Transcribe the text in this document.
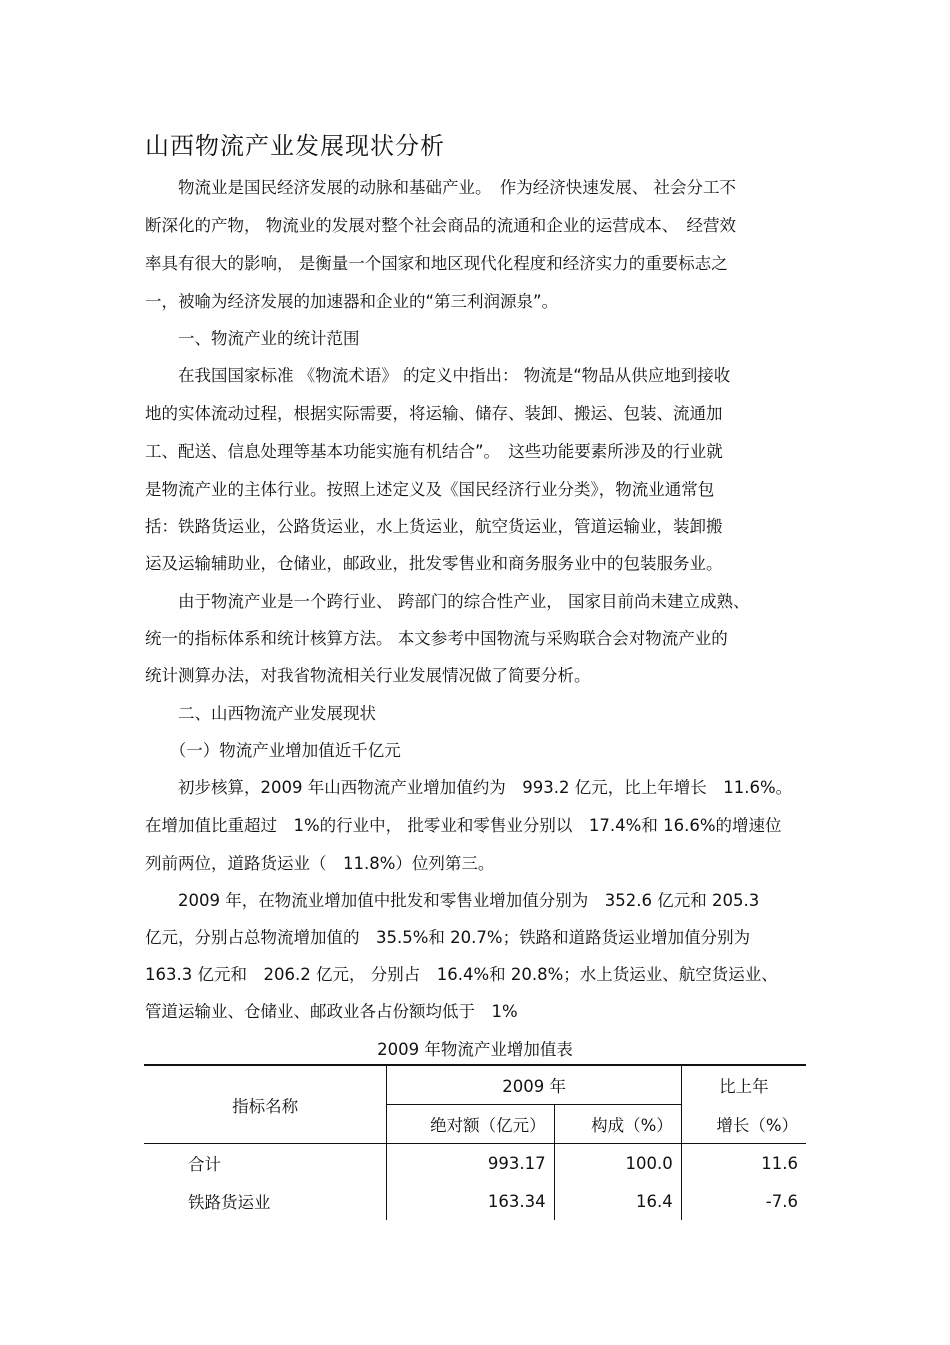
山西物流产业发展现状分析
　　物流业是国民经济发展的动脉和基础产业。　作为经济快速发展、 社会分工不
断深化的产物， 物流业的发展对整个社会商品的流通和企业的运营成本、　经营效
率具有很大的影响， 是衡量一个国家和地区现代化程度和经济实力的重要标志之
一，被喻为经济发展的加速器和企业的“第三利润源泉”。
　　一、物流产业的统计范围
　　在我国国家标准 《物流术语》 的定义中指出： 物流是“物品从供应地到接收
地的实体流动过程，根据实际需要，将运输、储存、装卸、搬运、包装、流通加
工、配送、信息处理等基本功能实施有机结合”。　这些功能要素所涉及的行业就
是物流产业的主体行业。按照上述定义及《国民经济行业分类》，物流业通常包
括：铁路货运业，公路货运业，水上货运业，航空货运业，管道运输业，装卸搬
运及运输辅助业，仓储业，邮政业，批发零售业和商务服务业中的包装服务业。
　　由于物流产业是一个跨行业、 跨部门的综合性产业， 国家目前尚未建立成熟、
统一的指标体系和统计核算方法。 本文参考中国物流与采购联合会对物流产业的
统计测算办法，对我省物流相关行业发展情况做了简要分析。
　　二、山西物流产业发展现状
　　（一）物流产业增加值近千亿元
　　初步核算，2009 年山西物流产业增加值约为　993.2 亿元，比上年增长　11.6%。
在增加值比重超过　1%的行业中， 批零业和零售业分别以　17.4%和 16.6%的增速位
列前两位，道路货运业（　11.8%）位列第三。
　　2009 年，在物流业增加值中批发和零售业增加值分别为　352.6 亿元和 205.3
亿元，分别占总物流增加值的　35.5%和 20.7%；铁路和道路货运业增加值分别为
163.3 亿元和　206.2 亿元， 分别占　16.4%和 20.8%；水上货运业、航空货运业、
管道运输业、仓储业、邮政业各占份额均低于　1%
2009 年物流产业增加值表
指标名称	2009 年		比上年
	绝对额（亿元）	构成（%）	增长（%）
合计	993.17	100.0	11.6
铁路货运业	163.34	16.4	-7.6
